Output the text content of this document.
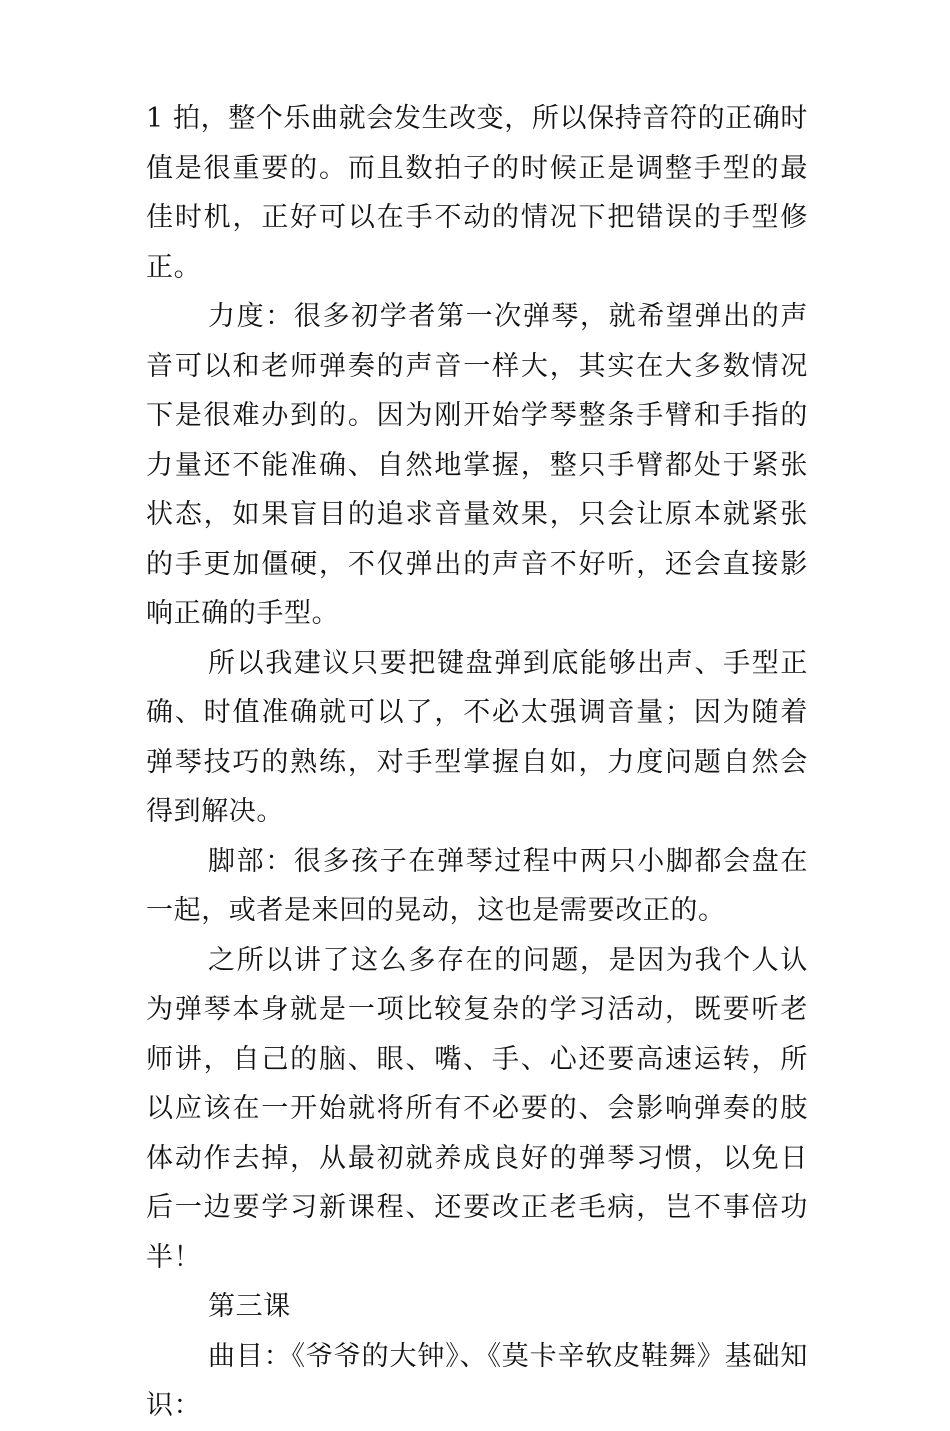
1 拍，整个乐曲就会发生改变，所以保持音符的正确时值是很重要的。而且数拍子的时候正是调整手型的最佳时机，正好可以在手不动的情况下把错误的手型修正。

力度：很多初学者第一次弹琴，就希望弹出的声音可以和老师弹奏的声音一样大，其实在大多数情况下是很难办到的。因为刚开始学琴整条手臂和手指的力量还不能准确、自然地掌握，整只手臂都处于紧张状态，如果盲目的追求音量效果，只会让原本就紧张的手更加僵硬，不仅弹出的声音不好听，还会直接影响正确的手型。

所以我建议只要把键盘弹到底能够出声、手型正确、时值准确就可以了，不必太强调音量；因为随着弹琴技巧的熟练，对手型掌握自如，力度问题自然会得到解决。

脚部：很多孩子在弹琴过程中两只小脚都会盘在一起，或者是来回的晃动，这也是需要改正的。

之所以讲了这么多存在的问题，是因为我个人认为弹琴本身就是一项比较复杂的学习活动，既要听老师讲，自己的脑、眼、嘴、手、心还要高速运转，所以应该在一开始就将所有不必要的、会影响弹奏的肢体动作去掉，从最初就养成良好的弹琴习惯，以免日后一边要学习新课程、还要改正老毛病，岂不事倍功半！

第三课

曲目：《爷爷的大钟》、《莫卡辛软皮鞋舞》基础知识：
